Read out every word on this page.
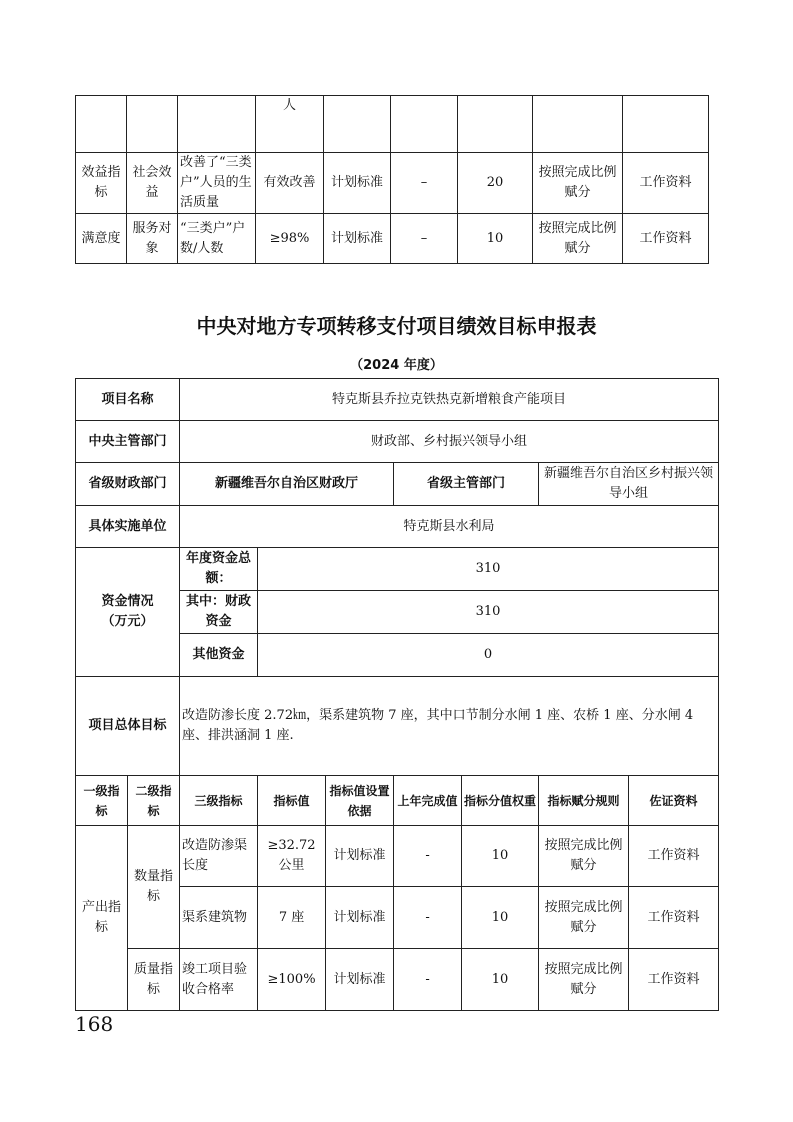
			人					
效益指标	社会效益	改善了“三类户”人员的生活质量	有效改善	计划标准	–	20	按照完成比例赋分	工作资料
满意度	服务对象	“三类户”户数/人数	≥98%	计划标准	–	10	按照完成比例赋分	工作资料
中央对地方专项转移支付项目绩效目标申报表
（2024 年度）
项目名称		特克斯县乔拉克铁热克新增粮食产能项目						
中央主管部门		财政部、乡村振兴领导小组						
省级财政部门		新疆维吾尔自治区财政厅			省级主管部门		新疆维吾尔自治区乡村振兴领导小组	
具体实施单位		特克斯县水利局						
资金情况（万元）		年度资金总额：	310					
		其中：财政资金	310					
		其他资金	0					
项目总体目标		改造防渗长度 2.72㎞，渠系建筑物 7 座，其中口节制分水闸 1 座、农桥 1 座、分水闸 4 座、排洪涵洞 1 座.						
一级指标	二级指标	三级指标	指标值	指标值设置依据	上年完成值	指标分值权重	指标赋分规则	佐证资料
产出指标	数量指标	改造防渗渠长度	≥32.72 公里	计划标准	-	10	按照完成比例赋分	工作资料
		渠系建筑物	7 座	计划标准	-	10	按照完成比例赋分	工作资料
	质量指标	竣工项目验收合格率	≥100%	计划标准	-	10	按照完成比例赋分	工作资料
168
